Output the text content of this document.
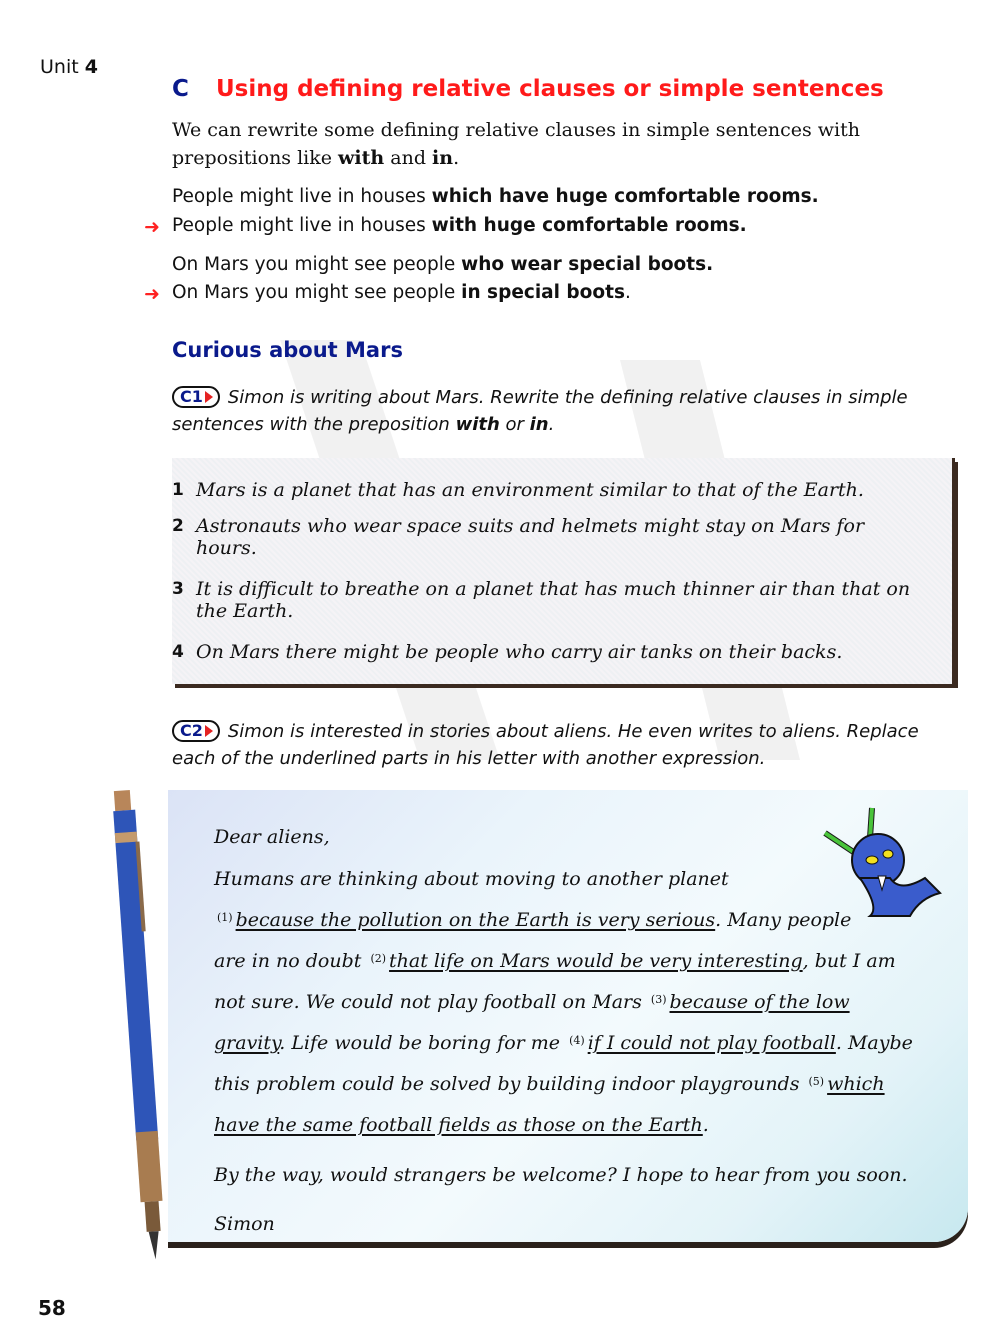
Unit 4
C Using defining relative clauses or simple sentences
We can rewrite some defining relative clauses in simple sentences with prepositions like with and in.
People might live in houses which have huge comfortable rooms.
➜ People might live in houses with huge comfortable rooms.
On Mars you might see people who wear special boots.
➜ On Mars you might see people in special boots.
Curious about Mars
C1 Simon is writing about Mars. Rewrite the defining relative clauses in simple sentences with the preposition with or in.
1 Mars is a planet that has an environment similar to that of the Earth.
2 Astronauts who wear space suits and helmets might stay on Mars for hours.
3 It is difficult to breathe on a planet that has much thinner air than that on the Earth.
4 On Mars there might be people who carry air tanks on their backs.
C2 Simon is interested in stories about aliens. He even writes to aliens. Replace each of the underlined parts in his letter with another expression.
Dear aliens,
Humans are thinking about moving to another planet
$^{(1)}$ because the pollution on the Earth is very serious. Many people
are in no doubt $^{(2)}$ that life on Mars would be very interesting, but I am
not sure. We could not play football on Mars $^{(3)}$ because of the low
gravity. Life would be boring for me $^{(4)}$ if I could not play football. Maybe
this problem could be solved by building indoor playgrounds $^{(5)}$ which
have the same football fields as those on the Earth.
By the way, would strangers be welcome? I hope to hear from you soon.
Simon
58
